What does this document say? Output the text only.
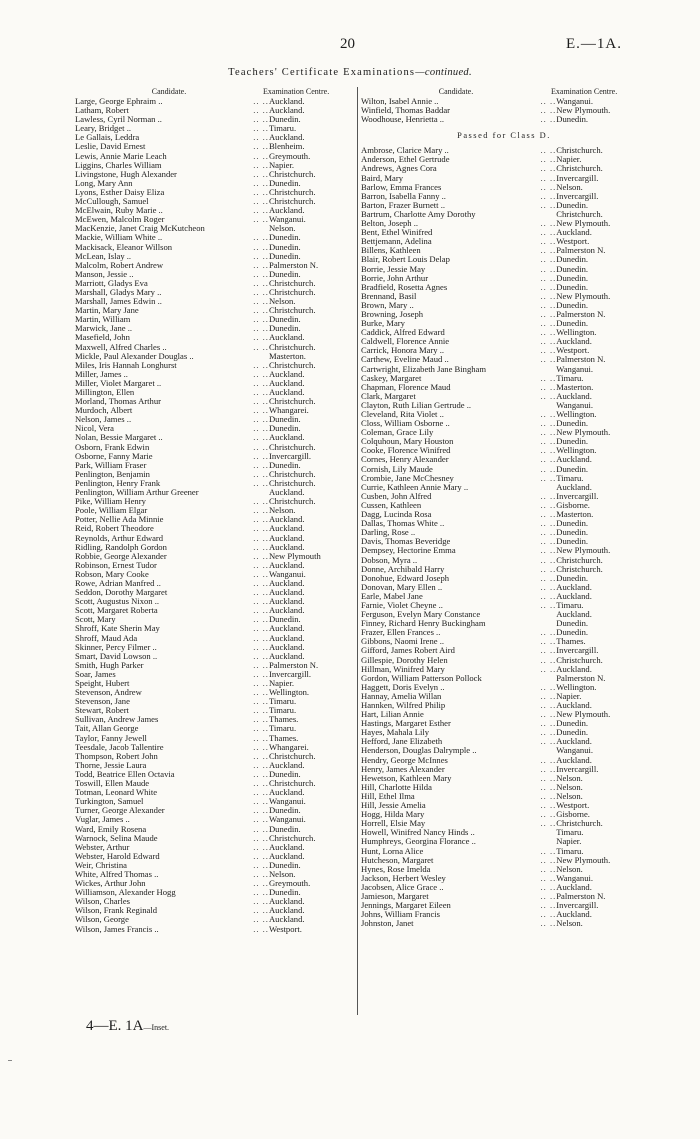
20	E.—1A.
Teachers' Certificate Examinations—continued.
Candidate.	Examination Centre.
Large, George Ephraim ..	.. .. Auckland.
Latham, Robert	.. .. Auckland.
Lawless, Cyril Norman ..	.. .. Dunedin.
Leary, Bridget ..	.. .. Timaru.
Le Gallais, Leddra	.. .. Auckland.
Leslie, David Ernest	.. .. Blenheim.
Lewis, Annie Marie Leach	.. .. Greymouth.
Liggins, Charles William	.. .. Napier.
Livingstone, Hugh Alexander	.. .. Christchurch.
Long, Mary Ann	.. .. Dunedin.
Lyons, Esther Daisy Eliza	.. .. Christchurch.
McCullough, Samuel	.. .. Christchurch.
McElwain, Ruby Marie ..	.. .. Auckland.
McEwen, Malcolm Roger	.. .. Wanganui.
MacKenzie, Janet Craig McKutcheon	Nelson.
Mackie, William White ..	.. .. Dunedin.
Mackisack, Eleanor Willson	.. .. Dunedin.
McLean, Islay ..	.. .. Dunedin.
Malcolm, Robert Andrew	.. .. Palmerston N.
Manson, Jessie ..	.. .. Dunedin.
Marriott, Gladys Eva	.. .. Christchurch.
Marshall, Gladys Mary ..	.. .. Christchurch.
Marshall, James Edwin ..	.. .. Nelson.
Martin, Mary Jane	.. .. Christchurch.
Martin, William	.. .. Dunedin.
Marwick, Jane ..	.. .. Dunedin.
Masefield, John	.. .. Auckland.
Maxwell, Alfred Charles ..	.. .. Christchurch.
Mickle, Paul Alexander Douglas ..	Masterton.
Miles, Iris Hannah Longhurst	.. .. Christchurch.
Miller, James ..	.. .. Auckland.
Miller, Violet Margaret ..	.. .. Auckland.
Millington, Ellen	.. .. Auckland.
Morland, Thomas Arthur	.. .. Christchurch.
Murdoch, Albert	.. .. Whangarei.
Nelson, James ..	.. .. Dunedin.
Nicol, Vera	.. .. Dunedin.
Nolan, Bessie Margaret ..	.. .. Auckland.
Osborn, Frank Edwin	.. .. Christchurch.
Osborne, Fanny Marie	.. .. Invercargill.
Park, William Fraser	.. .. Dunedin.
Penlington, Benjamin	.. .. Christchurch.
Penlington, Henry Frank	.. .. Christchurch.
Penlington, William Arthur Greener	Auckland.
Pike, William Henry	.. .. Christchurch.
Poole, William Elgar	.. .. Nelson.
Potter, Nellie Ada Minnie	.. .. Auckland.
Reid, Robert Theodore	.. .. Auckland.
Reynolds, Arthur Edward	.. .. Auckland.
Ridling, Randolph Gordon	.. .. Auckland.
Robbie, George Alexander	.. .. New Plymouth
Robinson, Ernest Tudor	.. .. Auckland.
Robson, Mary Cooke	.. .. Wanganui.
Rowe, Adrian Manfred ..	.. .. Auckland.
Seddon, Dorothy Margaret	.. .. Auckland.
Scott, Augustus Nixon ..	.. .. Auckland.
Scott, Margaret Roberta	.. .. Auckland.
Scott, Mary	.. .. Dunedin.
Shroff, Kate Sherin May	.. .. Auckland.
Shroff, Maud Ada	.. .. Auckland.
Skinner, Percy Filmer ..	.. .. Auckland.
Smart, David Lowson ..	.. .. Auckland.
Smith, Hugh Parker	.. .. Palmerston N.
Soar, James	.. .. Invercargill.
Speight, Hubert	.. .. Napier.
Stevenson, Andrew	.. .. Wellington.
Stevenson, Jane	.. .. Timaru.
Stewart, Robert	.. .. Timaru.
Sullivan, Andrew James	.. .. Thames.
Tait, Allan George	.. .. Timaru.
Taylor, Fanny Jewell	.. .. Thames.
Teesdale, Jacob Tallentire	.. .. Whangarei.
Thompson, Robert John	.. .. Christchurch.
Thorne, Jessie Laura	.. .. Auckland.
Todd, Beatrice Ellen Octavia	.. .. Dunedin.
Toswill, Ellen Maude	.. .. Christchurch.
Totman, Leonard White	.. .. Auckland.
Turkington, Samuel	.. .. Wanganui.
Turner, George Alexander	.. .. Dunedin.
Vuglar, James ..	.. .. Wanganui.
Ward, Emily Rosena	.. .. Dunedin.
Warnock, Selina Maude	.. .. Christchurch.
Webster, Arthur	.. .. Auckland.
Webster, Harold Edward	.. .. Auckland.
Weir, Christina	.. .. Dunedin.
White, Alfred Thomas ..	.. .. Nelson.
Wickes, Arthur John	.. .. Greymouth.
Williamson, Alexander Hogg	.. .. Dunedin.
Wilson, Charles	.. .. Auckland.
Wilson, Frank Reginald	.. .. Auckland.
Wilson, George	.. .. Auckland.
Wilson, James Francis ..	.. .. Westport.
Candidate.	Examination Centre.
Wilton, Isabel Annie ..	.. .. Wanganui.
Winfield, Thomas Baddar	.. .. New Plymouth.
Woodhouse, Henrietta ..	.. .. Dunedin.
Passed for Class D.
Ambrose, Clarice Mary ..	.. .. Christchurch.
Anderson, Ethel Gertrude	.. .. Napier.
Andrews, Agnes Cora	.. .. Christchurch.
Baird, Mary	.. .. Invercargill.
Barlow, Emma Frances	.. .. Nelson.
Barron, Isabella Fanny ..	.. .. Invercargill.
Barton, Frazer Burnett ..	.. .. Dunedin.
Bartrum, Charlotte Amy Dorothy	Christchurch.
Belton, Joseph ..	.. .. New Plymouth.
Bent, Ethel Winifred	.. .. Auckland.
Bettjemann, Adelina	.. .. Westport.
Billens, Kathleen	.. .. Palmerston N.
Blair, Robert Louis Delap	.. .. Dunedin.
Borrie, Jessie May	.. .. Dunedin.
Borrie, John Arthur	.. .. Dunedin.
Bradfield, Rosetta Agnes	.. .. Dunedin.
Brennand, Basil	.. .. New Plymouth.
Brown, Mary ..	.. .. Dunedin.
Browning, Joseph	.. .. Palmerston N.
Burke, Mary	.. .. Dunedin.
Caddick, Alfred Edward	.. .. Wellington.
Caldwell, Florence Annie	.. .. Auckland.
Carrick, Honora Mary ..	.. .. Westport.
Carthew, Eveline Maud ..	.. .. Palmerston N.
Cartwright, Elizabeth Jane Bingham	Wanganui.
Caskey, Margaret	.. .. Timaru.
Chapman, Florence Maud	.. .. Masterton.
Clark, Margaret	.. .. Auckland.
Clayton, Ruth Lilian Gertrude ..	Wanganui.
Cleveland, Rita Violet ..	.. .. Wellington.
Closs, William Osborne ..	.. .. Dunedin.
Coleman, Grace Lily	.. .. New Plymouth.
Colquhoun, Mary Houston	.. .. Dunedin.
Cooke, Florence Winifred	.. .. Wellington.
Cornes, Henry Alexander	.. .. Auckland.
Cornish, Lily Maude	.. .. Dunedin.
Crombie, Jane McChesney	.. .. Timaru.
Currie, Kathleen Annie Mary ..	Auckland.
Cusben, John Alfred	.. .. Invercargill.
Cussen, Kathleen	.. .. Gisborne.
Dagg, Lucinda Rosa	.. .. Masterton.
Dallas, Thomas White ..	.. .. Dunedin.
Darling, Rose ..	.. .. Dunedin.
Davis, Thomas Beveridge	.. .. Dunedin.
Dempsey, Hectorine Emma	.. .. New Plymouth.
Dobson, Myra ..	.. .. Christchurch.
Donne, Archibald Harry	.. .. Christchurch.
Donohue, Edward Joseph	.. .. Dunedin.
Donovan, Mary Ellen ..	.. .. Auckland.
Earle, Mabel Jane	.. .. Auckland.
Farnie, Violet Cheyne ..	.. .. Timaru.
Ferguson, Evelyn Mary Constance	Auckland.
Finney, Richard Henry Buckingham	Dunedin.
Frazer, Ellen Frances ..	.. .. Dunedin.
Gibbons, Naomi Irene ..	.. .. Thames.
Gifford, James Robert Aird	.. .. Invercargill.
Gillespie, Dorothy Helen	.. .. Christchurch.
Hillman, Winifred Mary	.. .. Auckland.
Gordon, William Patterson Pollock	Palmerston N.
Haggett, Doris Evelyn ..	.. .. Wellington.
Hannay, Amelia Willan	.. .. Napier.
Hannken, Wilfred Philip	.. .. Auckland.
Hart, Lilian Annie	.. .. New Plymouth.
Hastings, Margaret Esther	.. .. Dunedin.
Hayes, Mahala Lily	.. .. Dunedin.
Hefford, Jane Elizabeth	.. .. Auckland.
Henderson, Douglas Dalrymple ..	Wanganui.
Hendry, George McInnes	.. .. Auckland.
Henry, James Alexander	.. .. Invercargill.
Hewetson, Kathleen Mary	.. .. Nelson.
Hill, Charlotte Hilda	.. .. Nelson.
Hill, Ethel Ilma	.. .. Nelson.
Hill, Jessie Amelia	.. .. Westport.
Hogg, Hilda Mary	.. .. Gisborne.
Horrell, Elsie May	.. .. Christchurch.
Howell, Winifred Nancy Hinds ..	Timaru.
Humphreys, Georgina Florance ..	Napier.
Hunt, Lorna Alice	.. .. Timaru.
Hutcheson, Margaret	.. .. New Plymouth.
Hynes, Rose Imelda	.. .. Nelson.
Jackson, Herbert Wesley	.. .. Wanganui.
Jacobsen, Alice Grace ..	.. .. Auckland.
Jamieson, Margaret	.. .. Palmerston N.
Jennings, Margaret Eileen	.. .. Invercargill.
Johns, William Francis	.. .. Auckland.
Johnston, Janet	.. .. Nelson.
4—E. 1A—Inset.
